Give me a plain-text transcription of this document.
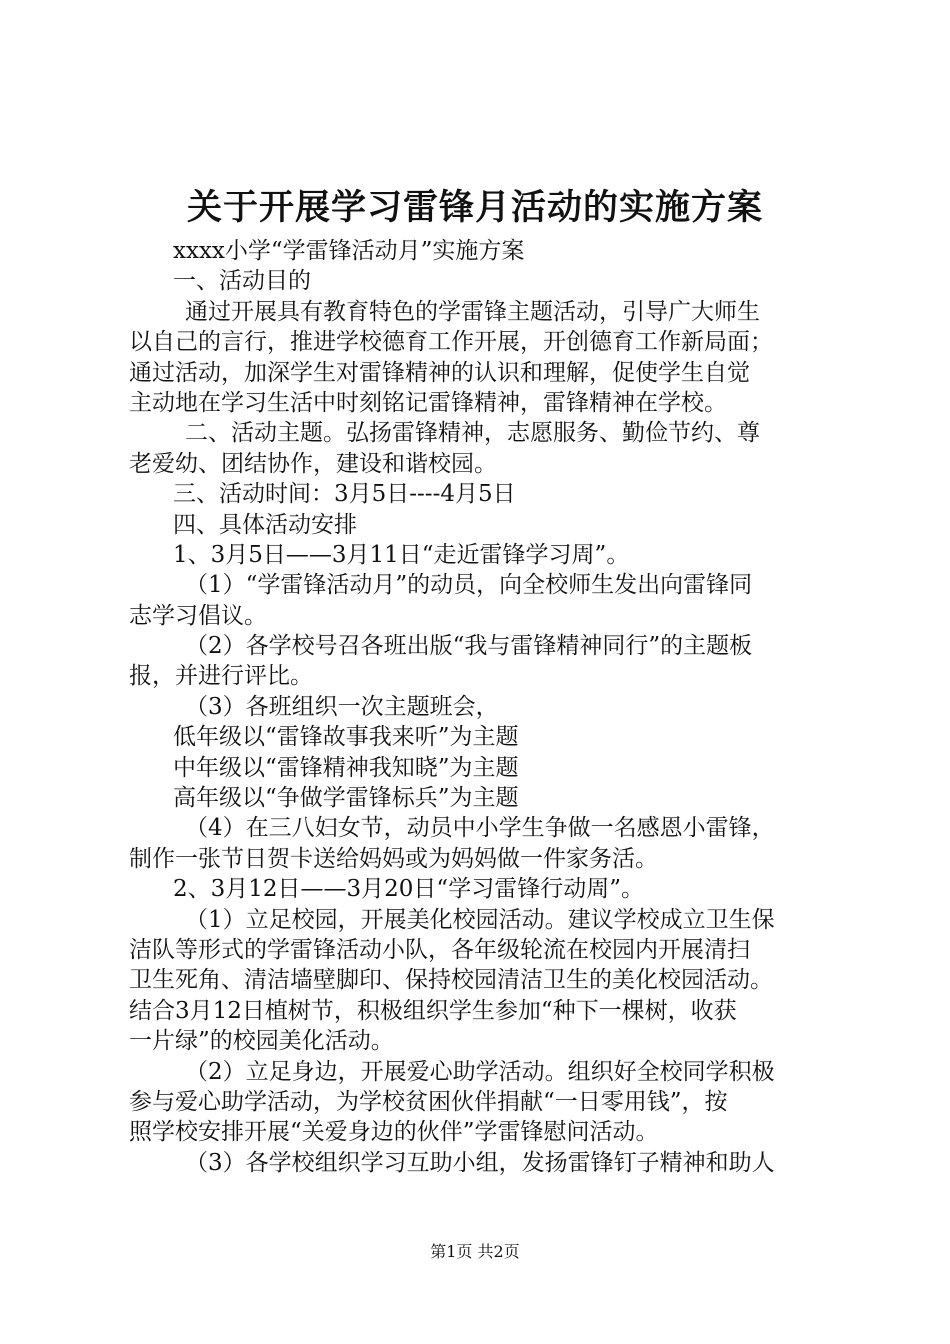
关于开展学习雷锋月活动的实施方案
xxxx小学“学雷锋活动月”实施方案
一、活动目的
通过开展具有教育特色的学雷锋主题活动，引导广大师生
以自己的言行，推进学校德育工作开展，开创德育工作新局面；
通过活动，加深学生对雷锋精神的认识和理解，促使学生自觉
主动地在学习生活中时刻铭记雷锋精神，雷锋精神在学校。
二、活动主题。弘扬雷锋精神，志愿服务、勤俭节约、尊
老爱幼、团结协作，建设和谐校园。
三、活动时间：3月5日----4月5日
四、具体活动安排
1、3月5日——3月11日“走近雷锋学习周”。
（1）“学雷锋活动月”的动员，向全校师生发出向雷锋同
志学习倡议。
（2）各学校号召各班出版“我与雷锋精神同行”的主题板
报，并进行评比。
（3）各班组织一次主题班会，
低年级以“雷锋故事我来听”为主题
中年级以“雷锋精神我知晓”为主题
高年级以“争做学雷锋标兵”为主题
（4）在三八妇女节，动员中小学生争做一名感恩小雷锋，
制作一张节日贺卡送给妈妈或为妈妈做一件家务活。
2、3月12日——3月20日“学习雷锋行动周”。
（1）立足校园，开展美化校园活动。建议学校成立卫生保
洁队等形式的学雷锋活动小队，各年级轮流在校园内开展清扫
卫生死角、清洁墙壁脚印、保持校园清洁卫生的美化校园活动。
结合3月12日植树节，积极组织学生参加“种下一棵树，收获
一片绿”的校园美化活动。
（2）立足身边，开展爱心助学活动。组织好全校同学积极
参与爱心助学活动，为学校贫困伙伴捐献“一日零用钱”，按
照学校安排开展“关爱身边的伙伴”学雷锋慰问活动。
（3）各学校组织学习互助小组，发扬雷锋钉子精神和助人
第1页 共2页
